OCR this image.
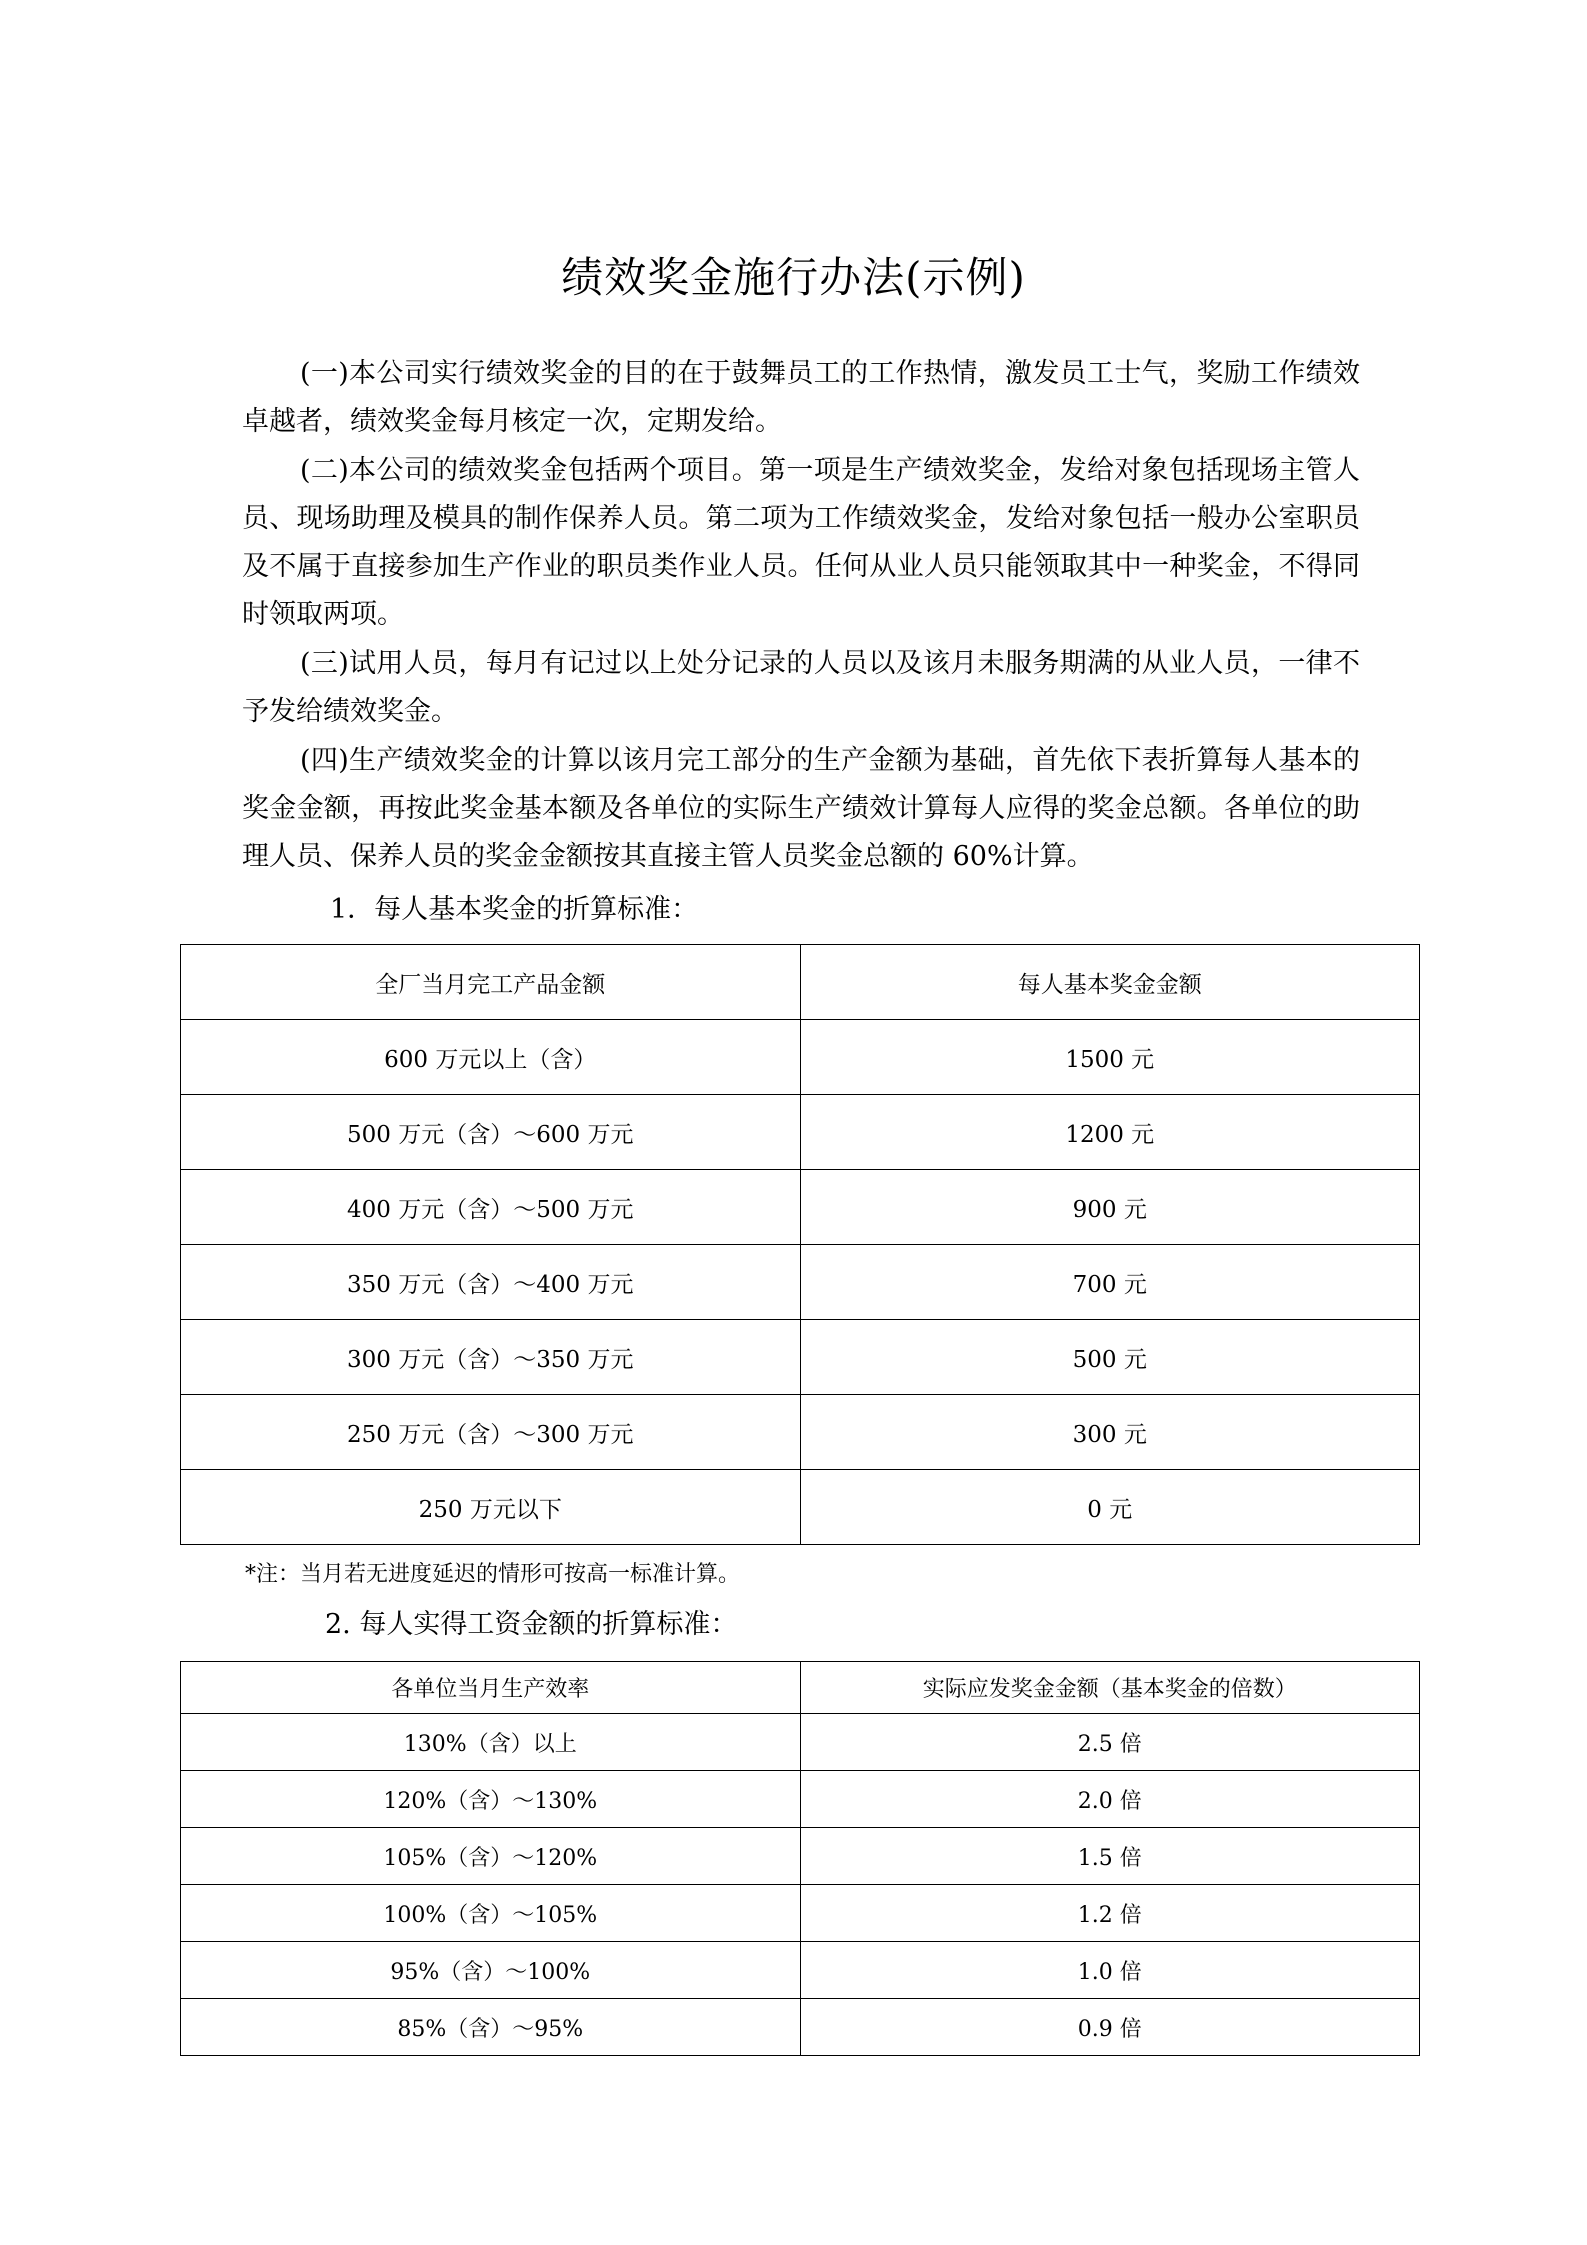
绩效奖金施行办法(示例)

(一)本公司实行绩效奖金的目的在于鼓舞员工的工作热情，激发员工士气，奖励工作绩效卓越者，绩效奖金每月核定一次，定期发给。

(二)本公司的绩效奖金包括两个项目。第一项是生产绩效奖金，发给对象包括现场主管人员、现场助理及模具的制作保养人员。第二项为工作绩效奖金，发给对象包括一般办公室职员及不属于直接参加生产作业的职员类作业人员。任何从业人员只能领取其中一种奖金，不得同时领取两项。

(三)试用人员，每月有记过以上处分记录的人员以及该月未服务期满的从业人员，一律不予发给绩效奖金。

(四)生产绩效奖金的计算以该月完工部分的生产金额为基础，首先依下表折算每人基本的奖金金额，再按此奖金基本额及各单位的实际生产绩效计算每人应得的奖金总额。各单位的助理人员、保养人员的奖金金额按其直接主管人员奖金总额的 60%计算。

1．每人基本奖金的折算标准：

全厂当月完工产品金额	每人基本奖金金额
600 万元以上（含）	1500 元
500 万元（含）～600 万元	1200 元
400 万元（含）～500 万元	900 元
350 万元（含）～400 万元	700 元
300 万元（含）～350 万元	500 元
250 万元（含）～300 万元	300 元
250 万元以下	0 元
*注：当月若无进度延迟的情形可按高一标准计算。

2. 每人实得工资金额的折算标准：

各单位当月生产效率	实际应发奖金金额（基本奖金的倍数）
130%（含）以上	2.5 倍
120%（含）～130%	2.0 倍
105%（含）～120%	1.5 倍
100%（含）～105%	1.2 倍
95%（含）～100%	1.0 倍
85%（含）～95%	0.9 倍
